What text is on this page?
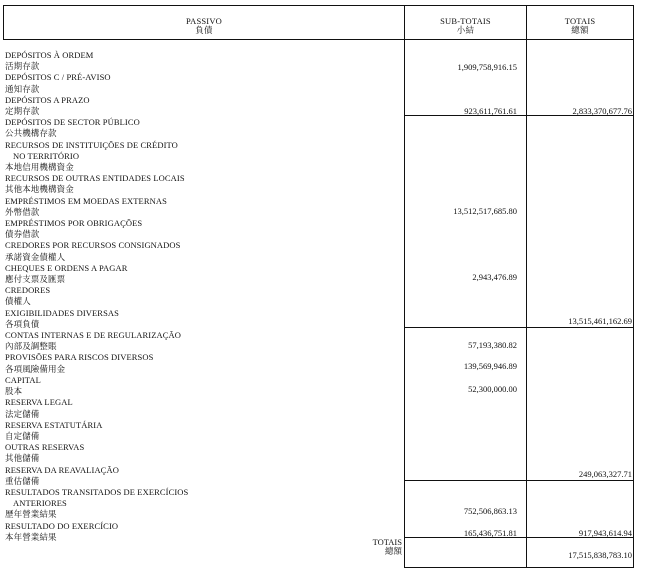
PASSIVO
負債
SUB-TOTAIS
小結
TOTAIS
總額
DEPÓSITOS À ORDEM
活期存款
DEPÓSITOS C / PRÉ-AVISO
通知存款
DEPÓSITOS A PRAZO
定期存款
DEPÓSITOS DE SECTOR PÚBLICO
公共機構存款
RECURSOS DE INSTITUIÇÕES DE CRÉDITO
NO TERRITÓRIO
本地信用機構資金
RECURSOS DE OUTRAS ENTIDADES LOCAIS
其他本地機構資金
EMPRÉSTIMOS EM MOEDAS EXTERNAS
外幣借款
EMPRÉSTIMOS POR OBRIGAÇÕES
債券借款
CREDORES POR RECURSOS CONSIGNADOS
承諾資金債權人
CHEQUES E ORDENS A PAGAR
應付支票及匯票
CREDORES
債權人
EXIGIBILIDADES DIVERSAS
各項負債
CONTAS INTERNAS E DE REGULARIZAÇÃO
內部及調整賬
PROVISÕES PARA RISCOS DIVERSOS
各項風險備用金
CAPITAL
股本
RESERVA LEGAL
法定儲備
RESERVA ESTATUTÁRIA
自定儲備
OUTRAS RESERVAS
其他儲備
RESERVA DA REAVALIAÇÃO
重估儲備
RESULTADOS TRANSITADOS DE EXERCÍCIOS
ANTERIORES
歷年營業結果
RESULTADO DO EXERCÍCIO
本年營業結果
1,909,758,916.15
923,611,761.61
13,512,517,685.80
2,943,476.89
57,193,380.82
139,569,946.89
52,300,000.00
752,506,863.13
165,436,751.81
2,833,370,677.76
13,515,461,162.69
249,063,327.71
917,943,614.94
17,515,838,783.10
TOTAIS
總額
